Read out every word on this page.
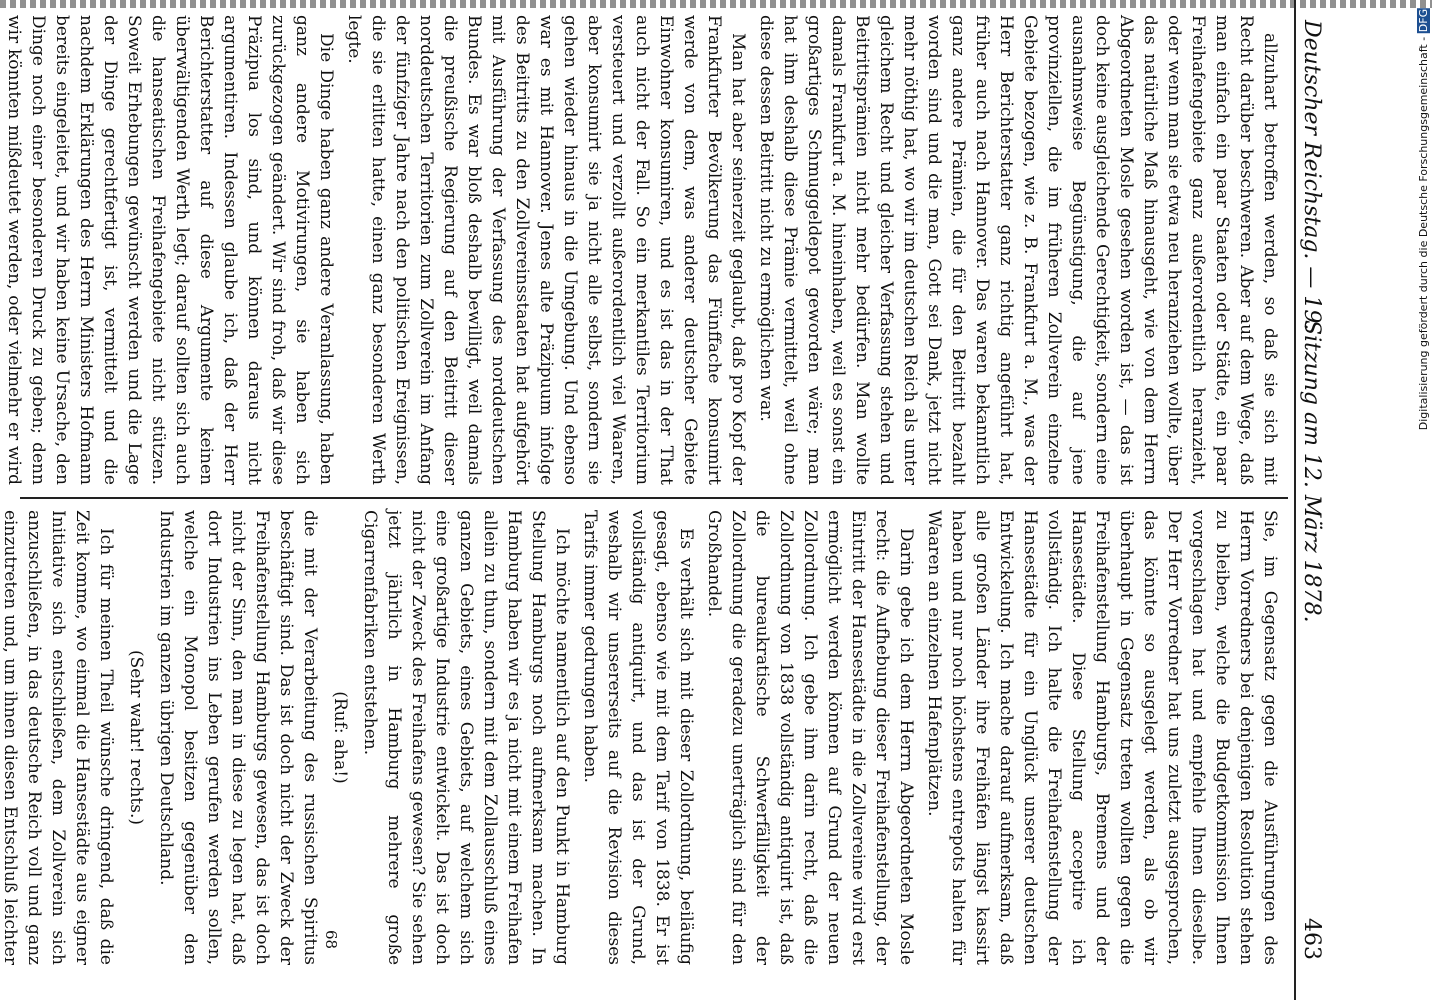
Deutscher Reichstag. — 19.
Sitzung am 12. März 1878.
463

allzuhart betroffen werden, so daß sie sich mit Recht darüber beschweren. Aber auf dem Wege, daß man einfach ein paar Staaten oder Städte, ein paar Freihafengebiete ganz außerordentlich heranzieht, oder wenn man sie etwa neu heranziehen wollte, über das natürliche Maß hinausgeht, wie von dem Herrn Abgeordneten Mosle gesehen worden ist, — das ist doch keine ausgleichende Gerechtigkeit, sondern eine ausnahmsweise Begünstigung, die auf jene provinziellen, die im früheren Zollverein einzelne Gebiete bezogen, wie z. B. Frankfurt a. M., was der Herr Berichterstatter ganz richtig angeführt hat, früher auch nach Hannover. Das waren bekanntlich ganz andere Prämien, die für den Beitritt bezahlt worden sind und die man, Gott sei Dank, jetzt nicht mehr nöthig hat, wo wir im deutschen Reich als unter gleichem Recht und gleicher Verfassung stehen und Beitrittsprämien nicht mehr bedürfen. Man wollte damals Frankfurt a. M. hineinhaben, weil es sonst ein großartiges Schmuggeldepot geworden wäre; man hat ihm deshalb diese Prämie vermittelt, weil ohne diese dessen Beitritt nicht zu ermöglichen war.

Man hat aber seinerzeit geglaubt, daß pro Kopf der Frankfurter Bevölkerung das Fünffache konsumirt werde von dem, was anderer deutscher Gebiete Einwohner konsumiren, und es ist das in der That auch nicht der Fall. So ein merkantiles Territorium versteuert und verzollt außerordentlich viel Waaren, aber konsumirt sie ja nicht alle selbst, sondern sie gehen wieder hinaus in die Umgebung. Und ebenso war es mit Hannover. Jenes alte Präzipuum infolge des Beitritts zu den Zollvereinsstaaten hat aufgehört mit Ausführung der Verfassung des norddeutschen Bundes. Es war bloß deshalb bewilligt, weil damals die preußische Regierung auf den Beitritt dieser norddeutschen Territorien zum Zollverein im Anfang der fünfziger Jahre nach den politischen Ereignissen, die sie erlitten hatte, einen ganz besonderen Werth legte.

Die Dinge haben ganz andere Veranlassung, haben ganz andere Motivirungen, sie haben sich zurückgezogen geändert. Wir sind froh, daß wir diese Präzipua los sind, und können daraus nicht argumentiren. Indessen glaube ich, daß der Herr Berichterstatter auf diese Argumente keinen überwältigenden Werth legt; darauf sollten sich auch die hanseatischen Freihafengebiete nicht stützen. Soweit Erhebungen gewünscht werden und die Lage der Dinge gerechtfertigt ist, vermittelt und die nachdem Erklärungen des Herrn Ministers Hofmann bereits eingeleitet, und wir haben keine Ursache, den Dinge noch einer besonderen Druck zu geben; denn wir könnten mißdeutet werden, oder vielmehr er wird

Sie, im Gegensatz gegen die Ausführungen des Herrn Vorredners bei denjenigen Resolution stehen zu bleiben, welche die Budgetkommission Ihnen vorgeschlagen hat und empfehle Ihnen dieselbe. Der Herr Vorredner hat uns zuletzt ausgesprochen, das könnte so ausgelegt werden, als ob wir überhaupt in Gegensatz treten wollten gegen die Freihafenstellung Hamburgs, Bremens und der Hansestädte. Diese Stellung acceptire ich vollständig. Ich halte die Freihafenstellung der Hansestädte für ein Unglück unserer deutschen Entwickelung. Ich mache darauf aufmerksam, daß alle großen Länder ihre Freihäfen längst kassirt haben und nur noch höchstens entrepots halten für Waaren an einzelnen Hafenplätzen.

Darin gebe ich dem Herrn Abgeordneten Mosle recht: die Aufhebung dieser Freihafenstellung, der Eintritt der Hansestädte in die Zollvereine wird erst ermöglicht werden können auf Grund der neuen Zollordnung. Ich gebe ihm darin recht, daß die Zollordnung von 1838 vollständig antiquirt ist, daß die bureaukratische Schwerfälligkeit der Zollordnung die geradezu unerträglich sind für den Großhandel.

Es verhält sich mit dieser Zollordnung, beiläufig gesagt, ebenso wie mit dem Tarif von 1838. Er ist vollständig antiquirt, und das ist der Grund, weshalb wir unsererseits auf die Revision dieses Tarifs immer gedrungen haben.

Ich möchte namentlich auf den Punkt in Hamburg Stellung Hamburgs noch aufmerksam machen. In Hamburg haben wir es ja nicht mit einem Freihafen allein zu thun, sondern mit dem Zollausschluß eines ganzen Gebiets, eines Gebiets, auf welchem sich eine großartige Industrie entwickelt. Das ist doch nicht der Zweck des Freihafens gewesen? Sie sehen jetzt jährlich in Hamburg mehrere große Cigarrenfabriken entstehen.

(Ruf: aha!)

die mit der Verarbeitung des russischen Spiritus beschäftigt sind. Das ist doch nicht der Zweck der Freihafenstellung Hamburgs gewesen, das ist doch nicht der Sinn, den man in diese zu legen hat, daß dort Industrien ins Leben gerufen werden sollen, welche ein Monopol besitzen gegenüber den Industrien im ganzen übrigen Deutschland.

(Sehr wahr! rechts.)

Ich für meinen Theil wünsche dringend, daß die Zeit komme, wo einmal die Hansestädte aus eigner Initiative sich entschließen, dem Zollverein sich anzuschließen, in das deutsche Reich voll und ganz einzutreten und, um ihnen diesen Entschluß leichter	68
Digitalisierung gefördert durch die Deutsche Forschungsgemeinschaft - DFG
